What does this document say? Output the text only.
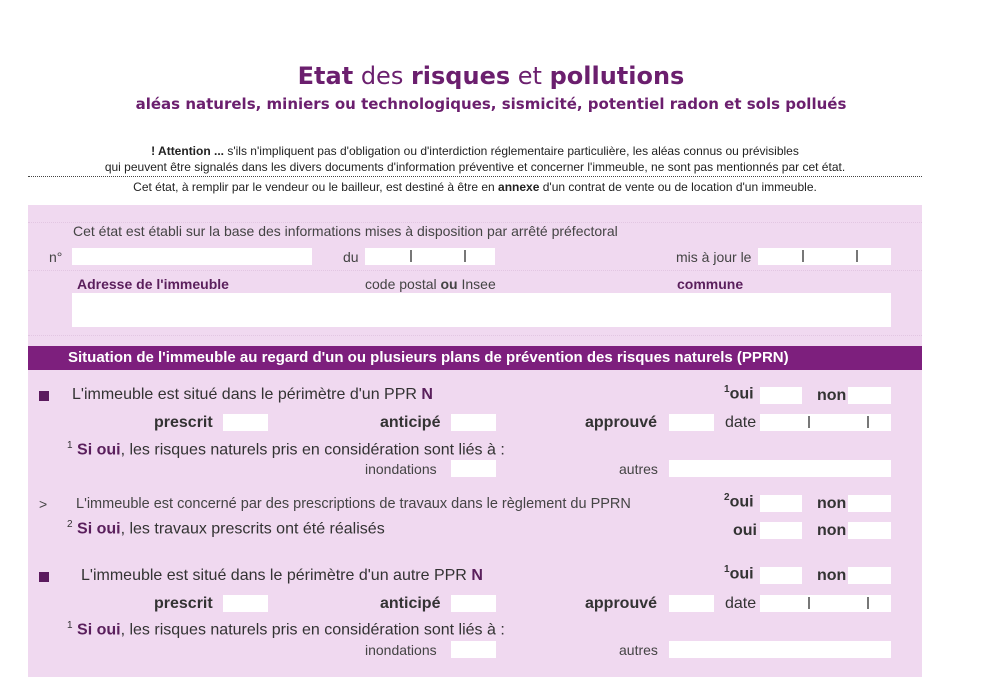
Etat des risques et pollutions
aléas naturels, miniers ou technologiques, sismicité, potentiel radon et sols pollués
! Attention ... s'ils n'impliquent pas d'obligation ou d'interdiction réglementaire particulière, les aléas connus ou prévisibles
qui peuvent être signalés dans les divers documents d'information préventive et concerner l'immeuble, ne sont pas mentionnés par cet état.
Cet état, à remplir par le vendeur ou le bailleur, est destiné à être en annexe d'un contrat de vente ou de location d'un immeuble.
Cet état est établi sur la base des informations mises à disposition par arrêté préfectoral
n°	du	mis à jour le
Adresse de l'immeuble	code postal ou Insee	commune
Situation de l'immeuble au regard d'un ou plusieurs plans de prévention des risques naturels (PPRN)
L'immeuble est situé dans le périmètre d'un PPR N	$^1$oui	non
prescrit	anticipé	approuvé	date
$^1$ Si oui, les risques naturels pris en considération sont liés à :
inondations	autres
> L'immeuble est concerné par des prescriptions de travaux dans le règlement du PPRN	$^2$oui	non
$^2$ Si oui, les travaux prescrits ont été réalisés	oui	non
L'immeuble est situé dans le périmètre d'un autre PPR N	$^1$oui	non
prescrit	anticipé	approuvé	date
$^1$ Si oui, les risques naturels pris en considération sont liés à :
inondations	autres
